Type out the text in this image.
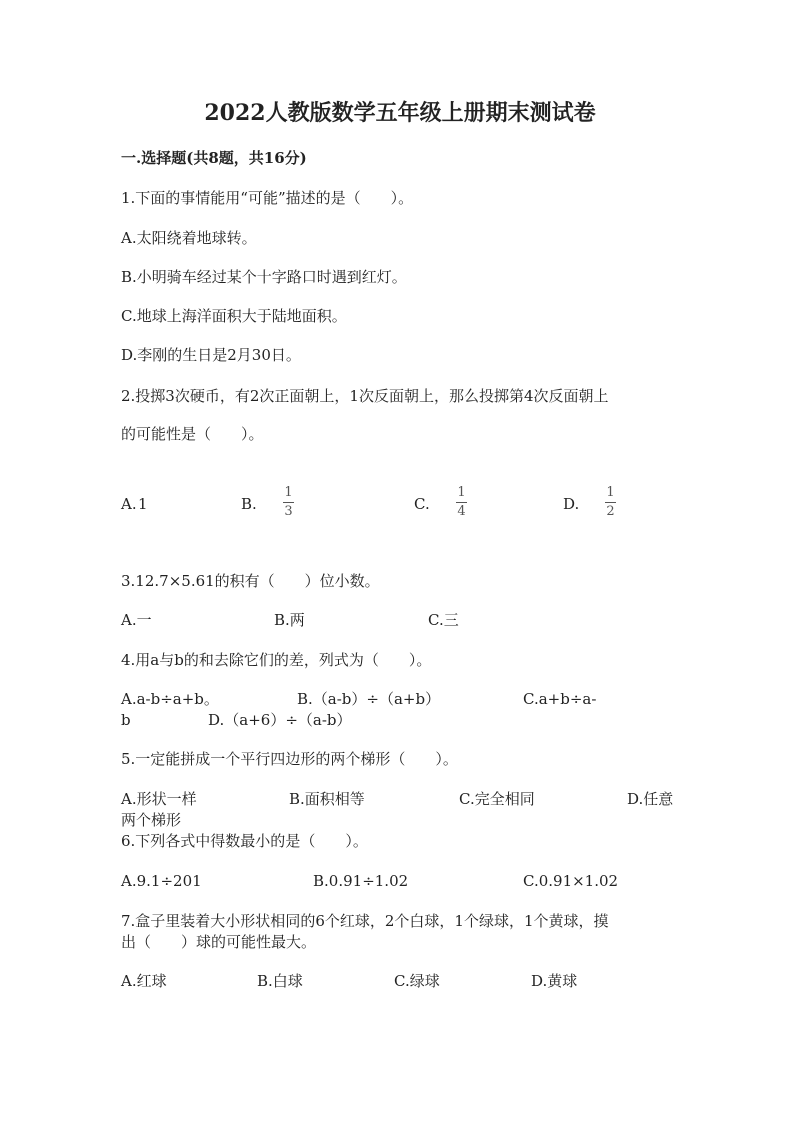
2022人教版数学五年级上册期末测试卷
一.选择题(共8题，共16分)
1.下面的事情能用“可能”描述的是（　　）。
A.太阳绕着地球转。
B.小明骑车经过某个十字路口时遇到红灯。
C.地球上海洋面积大于陆地面积。
D.李刚的生日是2月30日。
2.投掷3次硬币，有2次正面朝上，1次反面朝上，那么投掷第4次反面朝上
的可能性是（　　）。
A. 1	B.
1
3	C.
1
4	D.
1
2
3.12.7×5.61的积有（　　）位小数。
A.一	B.两	C.三
4.用a与b的和去除它们的差，列式为（　　）。
A.a-b÷a+b。	B.（a-b）÷（a+b）	C.a+b÷a-
b	D.（a+6）÷（a-b）
5.一定能拼成一个平行四边形的两个梯形（　　）。
A.形状一样	B.面积相等	C.完全相同	D.任意
两个梯形
6.下列各式中得数最小的是（　　）。
A.9.1÷201	B.0.91÷1.02	C.0.91×1.02
7.盒子里装着大小形状相同的6个红球，2个白球，1个绿球，1个黄球，摸
出（　　）球的可能性最大。
A.红球	B.白球	C.绿球	D.黄球
